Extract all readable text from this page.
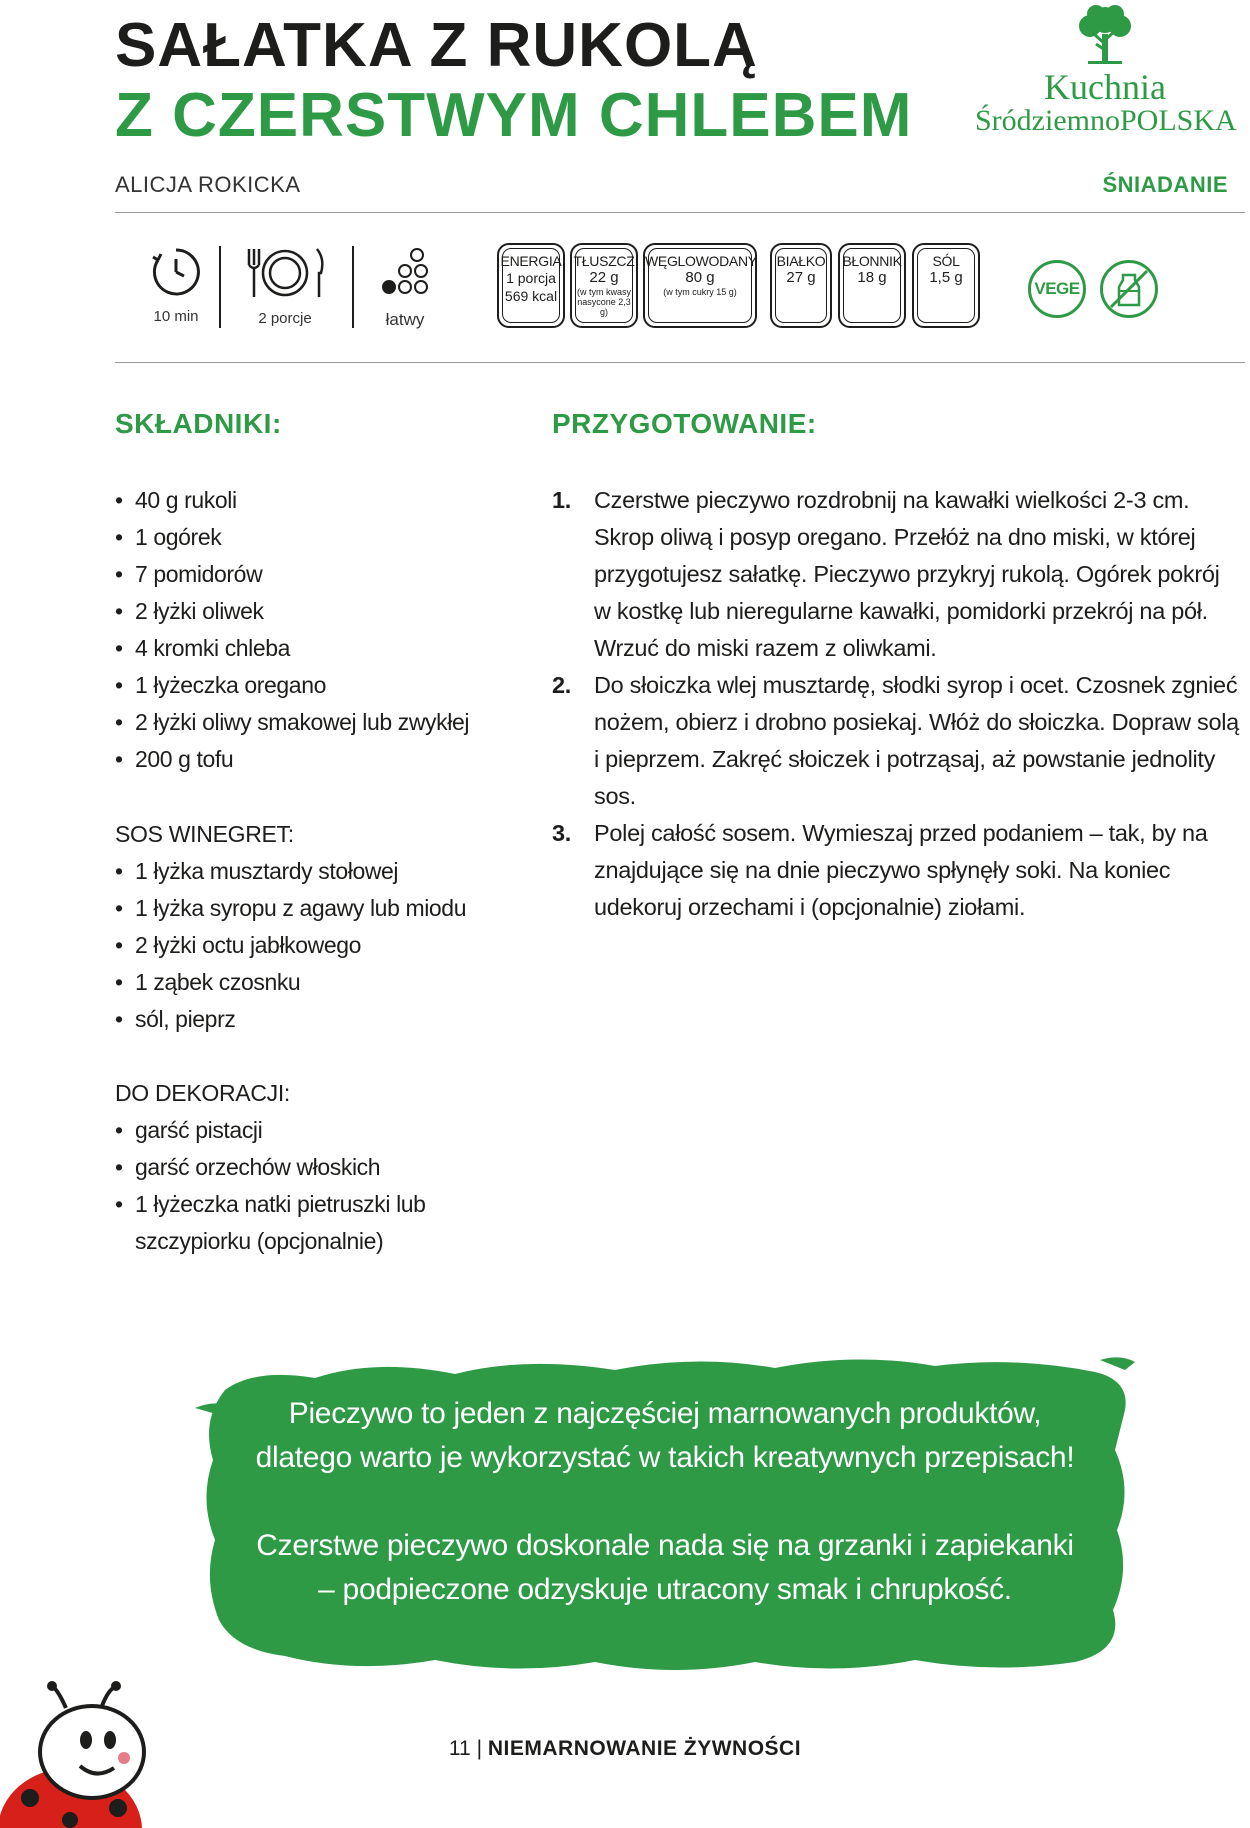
SAŁATKA Z RUKOLĄ
Z CZERSTWYM CHLEBEM	Kuchnia
ŚródziemnoPOLSKA
ALICJA ROKICKA	ŚNIADANIE
10 min	2 porcje	łatwy
ENERGIA
1 porcja
569 kcal
TŁUSZCZ
22 g
(w tym kwasy
nasycone 2,3 g)
WĘGLOWODANY
80 g
(w tym cukry 15 g)
BIAŁKO
27 g
BŁONNIK
18 g
SÓL
1,5 g
VEGE
SKŁADNIKI:
• 40 g rukoli
• 1 ogórek
• 7 pomidorów
• 2 łyżki oliwek
• 4 kromki chleba
• 1 łyżeczka oregano
• 2 łyżki oliwy smakowej lub zwykłej
• 200 g tofu
SOS WINEGRET:
• 1 łyżka musztardy stołowej
• 1 łyżka syropu z agawy lub miodu
• 2 łyżki octu jabłkowego
• 1 ząbek czosnku
• sól, pieprz
DO DEKORACJI:
• garść pistacji
• garść orzechów włoskich
• 1 łyżeczka natki pietruszki lub szczypiorku (opcjonalnie)
PRZYGOTOWANIE:
1. Czerstwe pieczywo rozdrobnij na kawałki wielkości 2-3 cm. Skrop oliwą i posyp oregano. Przełóż na dno miski, w której przygotujesz sałatkę. Pieczywo przykryj rukolą. Ogórek pokrój w kostkę lub nieregularne kawałki, pomidorki przekrój na pół. Wrzuć do miski razem z oliwkami.
2. Do słoiczka wlej musztardę, słodki syrop i ocet. Czosnek zgnieć nożem, obierz i drobno posiekaj. Włóż do słoiczka. Dopraw solą i pieprzem. Zakręć słoiczek i potrząsaj, aż powstanie jednolity sos.
3. Polej całość sosem. Wymieszaj przed podaniem – tak, by na znajdujące się na dnie pieczywo spłynęły soki. Na koniec udekoruj orzechami i (opcjonalnie) ziołami.
Pieczywo to jeden z najczęściej marnowanych produktów,
dlatego warto je wykorzystać w takich kreatywnych przepisach!
Czerstwe pieczywo doskonale nada się na grzanki i zapiekanki
– podpieczone odzyskuje utracony smak i chrupkość.
11 | NIEMARNOWANIE ŻYWNOŚCI
